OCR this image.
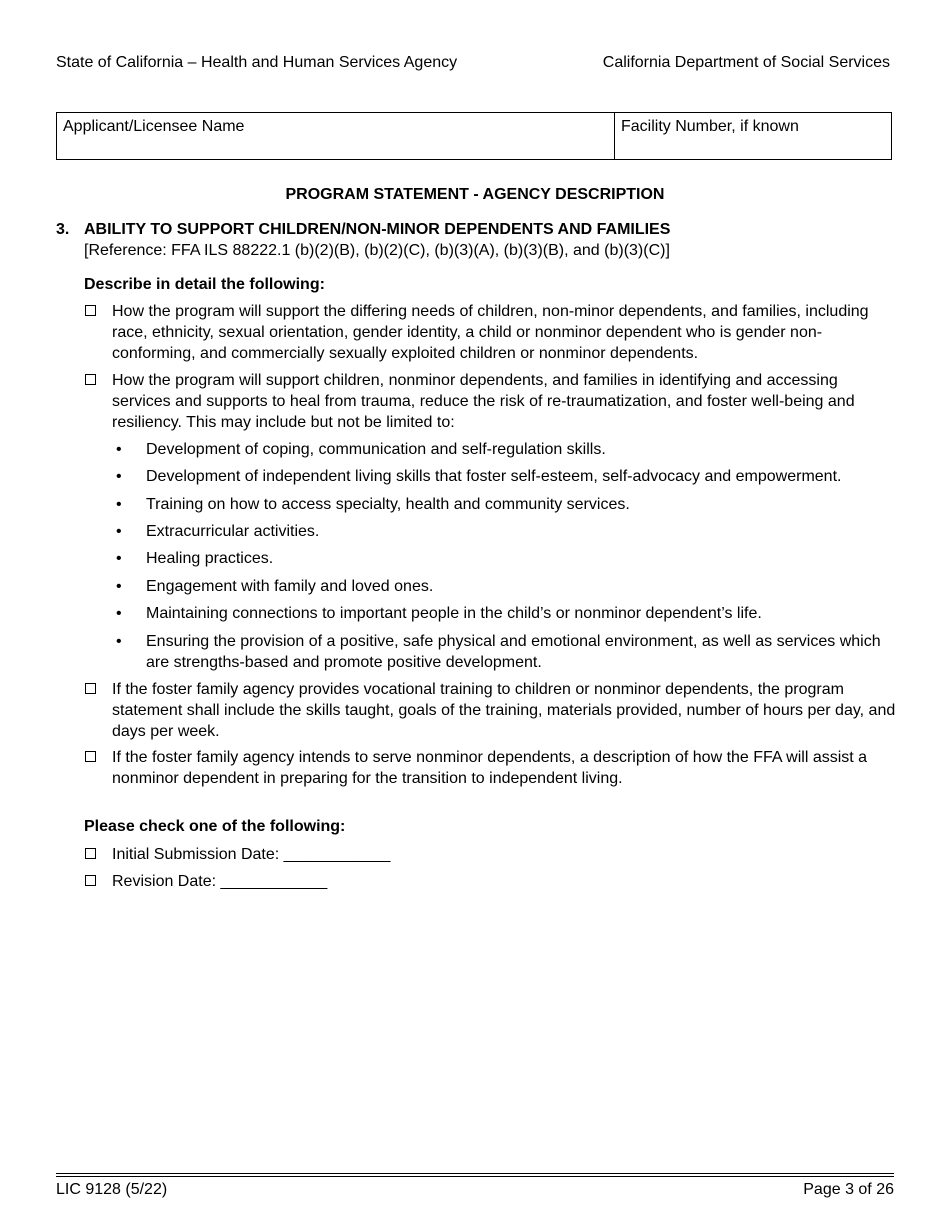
State of California – Health and Human Services Agency	California Department of Social Services
Applicant/Licensee Name	Facility Number, if known
PROGRAM STATEMENT - AGENCY DESCRIPTION
3. ABILITY TO SUPPORT CHILDREN/NON-MINOR DEPENDENTS AND FAMILIES
[Reference: FFA ILS 88222.1 (b)(2)(B), (b)(2)(C), (b)(3)(A), (b)(3)(B), and (b)(3)(C)]
Describe in detail the following:
How the program will support the differing needs of children, non-minor dependents, and families, including race, ethnicity, sexual orientation, gender identity, a child or nonminor dependent who is gender non-conforming, and commercially sexually exploited children or nonminor dependents.
How the program will support children, nonminor dependents, and families in identifying and accessing services and supports to heal from trauma, reduce the risk of re-traumatization, and foster well-being and resiliency. This may include but not be limited to:
• Development of coping, communication and self-regulation skills.
• Development of independent living skills that foster self-esteem, self-advocacy and empowerment.
• Training on how to access specialty, health and community services.
• Extracurricular activities.
• Healing practices.
• Engagement with family and loved ones.
• Maintaining connections to important people in the child’s or nonminor dependent’s life.
• Ensuring the provision of a positive, safe physical and emotional environment, as well as services which are strengths-based and promote positive development.
If the foster family agency provides vocational training to children or nonminor dependents, the program statement shall include the skills taught, goals of the training, materials provided, number of hours per day, and days per week.
If the foster family agency intends to serve nonminor dependents, a description of how the FFA will assist a nonminor dependent in preparing for the transition to independent living.
Please check one of the following:
Initial Submission Date: ____________
Revision Date: ____________
LIC 9128 (5/22)	Page 3 of 26
